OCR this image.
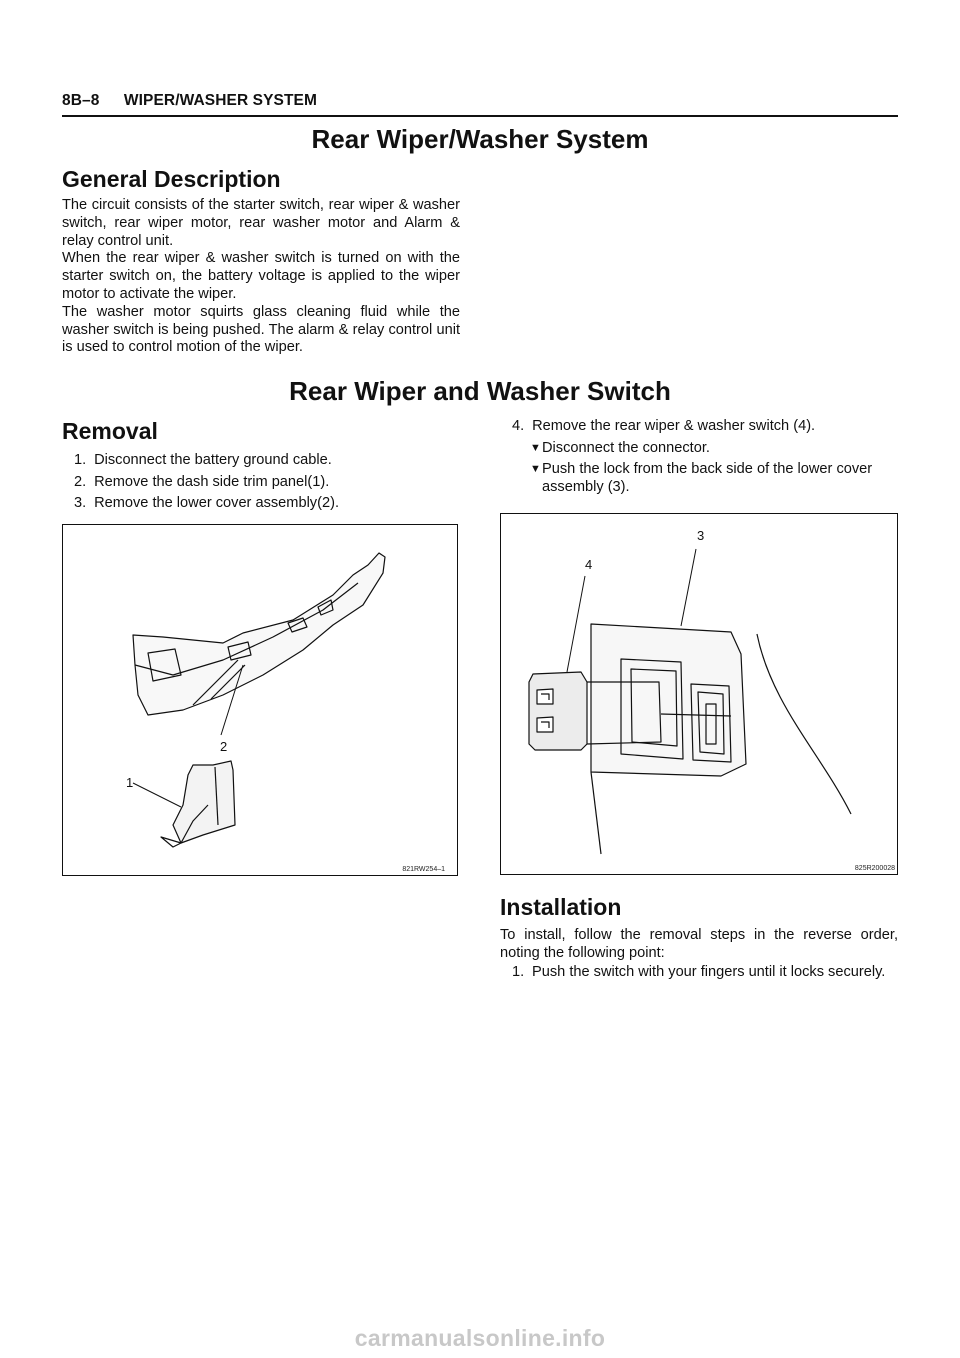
8B–8 WIPER/WASHER SYSTEM
Rear Wiper/Washer System
General Description

The circuit consists of the starter switch, rear wiper & washer switch, rear wiper motor, rear washer motor and Alarm & relay control unit.

When the rear wiper & washer switch is turned on with the starter switch on, the battery voltage is applied to the wiper motor to activate the wiper.

The washer motor squirts glass cleaning fluid while the washer switch is being pushed. The alarm & relay control unit is used to control motion of the wiper.

Rear Wiper and Washer Switch
Removal
1. Disconnect the battery ground cable.
2. Remove the dash side trim panel(1).
3. Remove the lower cover assembly(2).
4. Remove the rear wiper & washer switch (4).
▼Disconnect the connector.
▼ Push the lock from the back side of the lower cover assembly (3).
2
1
821RW254–1
3
4
825R200028
Installation
To install, follow the removal steps in the reverse order, noting the following point:
1. Push the switch with your fingers until it locks securely.
carmanualsonline.info
